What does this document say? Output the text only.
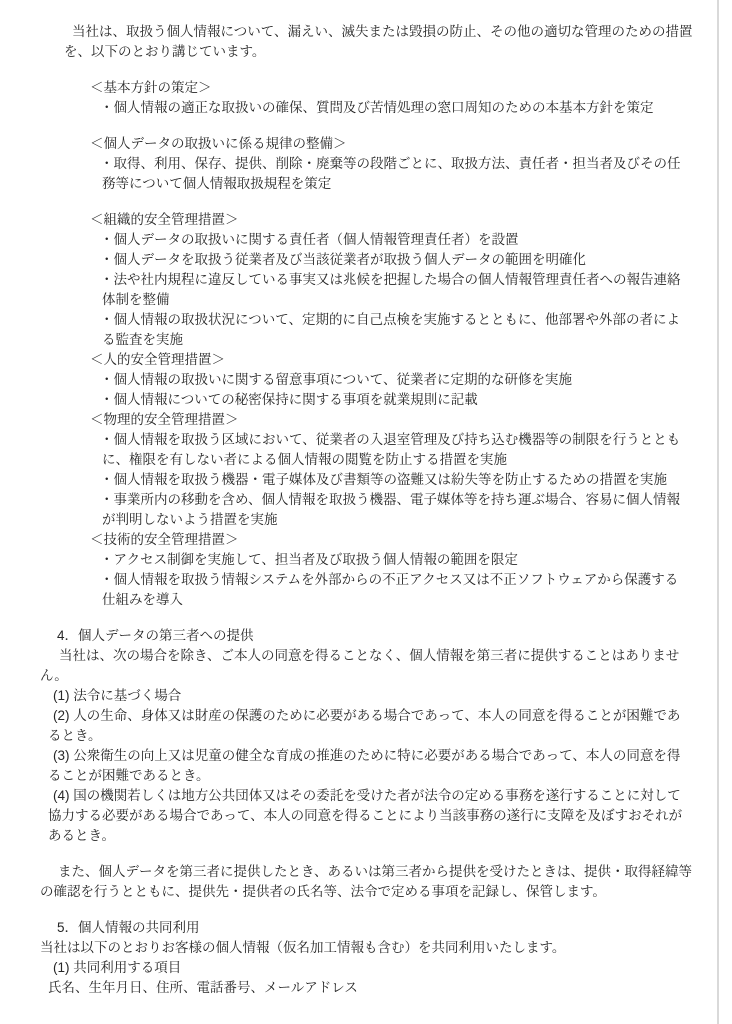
当社は、取扱う個人情報について、漏えい、滅失または毀損の防止、その他の適切な管理のための措置を、以下のとおり講じています。

＜基本方針の策定＞

・個人情報の適正な取扱いの確保、質問及び苦情処理の窓口周知のための本基本方針を策定

＜個人データの取扱いに係る規律の整備＞

・取得、利用、保存、提供、削除・廃棄等の段階ごとに、取扱方法、責任者・担当者及びその任務等について個人情報取扱規程を策定

＜組織的安全管理措置＞

・個人データの取扱いに関する責任者（個人情報管理責任者）を設置

・個人データを取扱う従業者及び当該従業者が取扱う個人データの範囲を明確化

・法や社内規程に違反している事実又は兆候を把握した場合の個人情報管理責任者への報告連絡体制を整備

・個人情報の取扱状況について、定期的に自己点検を実施するとともに、他部署や外部の者による監査を実施

＜人的安全管理措置＞

・個人情報の取扱いに関する留意事項について、従業者に定期的な研修を実施

・個人情報についての秘密保持に関する事項を就業規則に記載

＜物理的安全管理措置＞

・個人情報を取扱う区域において、従業者の入退室管理及び持ち込む機器等の制限を行うとともに、権限を有しない者による個人情報の閲覧を防止する措置を実施

・個人情報を取扱う機器・電子媒体及び書類等の盗難又は紛失等を防止するための措置を実施

・事業所内の移動を含め、個人情報を取扱う機器、電子媒体等を持ち運ぶ場合、容易に個人情報が判明しないよう措置を実施

＜技術的安全管理措置＞

・アクセス制御を実施して、担当者及び取扱う個人情報の範囲を限定

・個人情報を取扱う情報システムを外部からの不正アクセス又は不正ソフトウェアから保護する仕組みを導入

4．個人データの第三者への提供

当社は、次の場合を除き、ご本人の同意を得ることなく、個人情報を第三者に提供することはありません。

(1) 法令に基づく場合

(2) 人の生命、身体又は財産の保護のために必要がある場合であって、本人の同意を得ることが困難であるとき。

(3) 公衆衛生の向上又は児童の健全な育成の推進のために特に必要がある場合であって、本人の同意を得ることが困難であるとき。

(4) 国の機関若しくは地方公共団体又はその委託を受けた者が法令の定める事務を遂行することに対して協力する必要がある場合であって、本人の同意を得ることにより当該事務の遂行に支障を及ぼすおそれがあるとき。

また、個人データを第三者に提供したとき、あるいは第三者から提供を受けたときは、提供・取得経緯等の確認を行うとともに、提供先・提供者の氏名等、法令で定める事項を記録し、保管します。

5．個人情報の共同利用

当社は以下のとおりお客様の個人情報（仮名加工情報も含む）を共同利用いたします。

(1) 共同利用する項目

氏名、生年月日、住所、電話番号、メールアドレス
